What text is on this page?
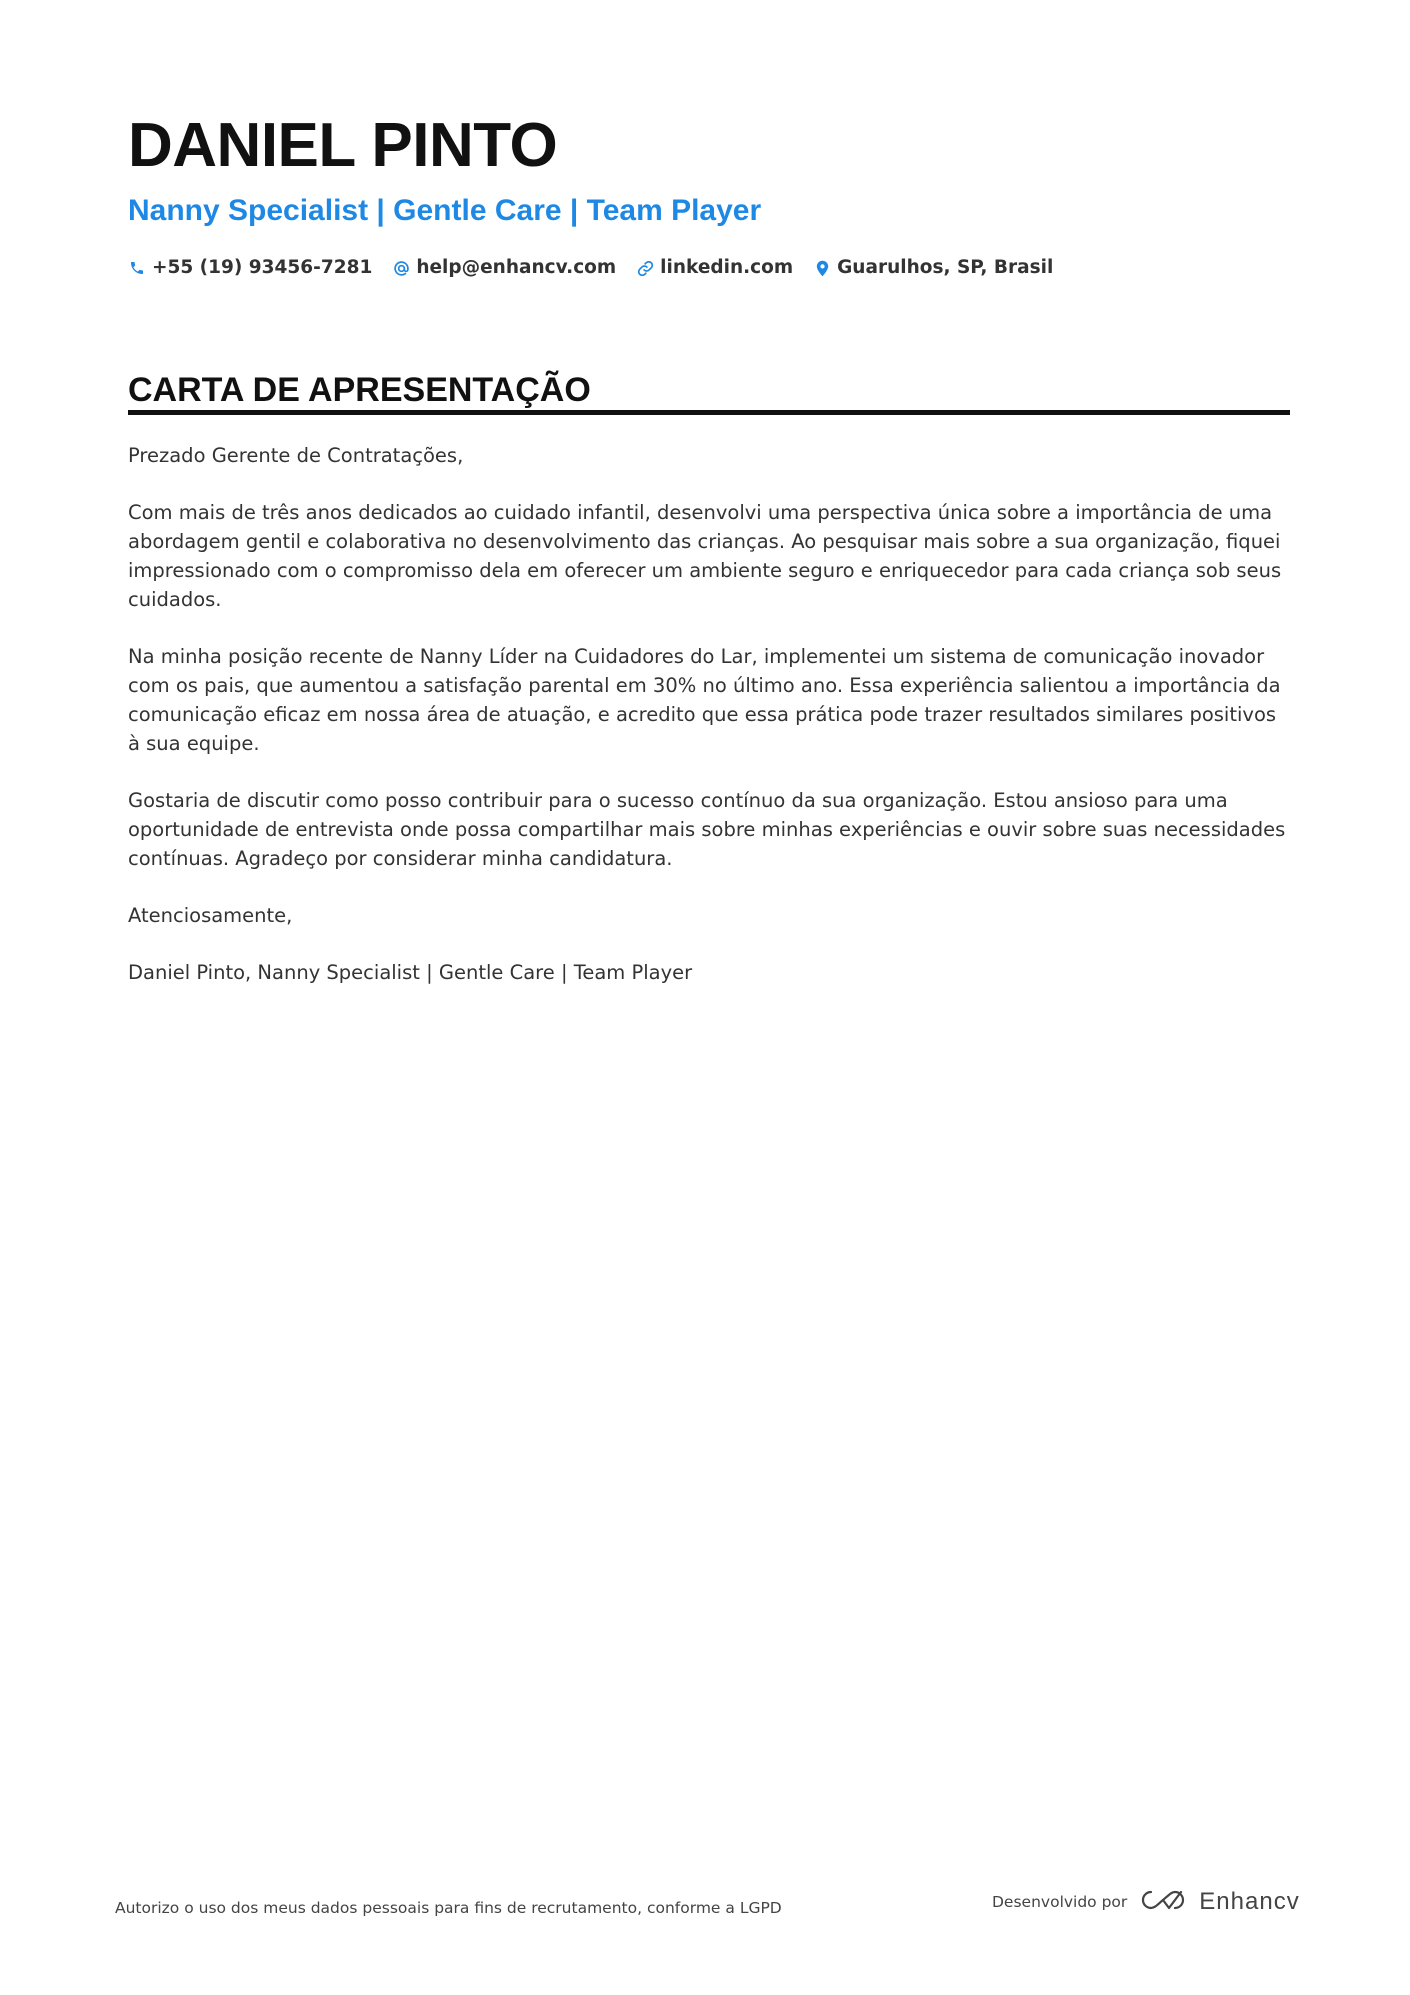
DANIEL PINTO
Nanny Specialist | Gentle Care | Team Player
+55 (19) 93456-7281 help@enhancv.com linkedin.com Guarulhos, SP, Brasil
CARTA DE APRESENTAÇÃO

Prezado Gerente de Contratações,

Com mais de três anos dedicados ao cuidado infantil, desenvolvi uma perspectiva única sobre a importância de uma abordagem gentil e colaborativa no desenvolvimento das crianças. Ao pesquisar mais sobre a sua organização, fiquei impressionado com o compromisso dela em oferecer um ambiente seguro e enriquecedor para cada criança sob seus cuidados.

Na minha posição recente de Nanny Líder na Cuidadores do Lar, implementei um sistema de comunicação inovador com os pais, que aumentou a satisfação parental em 30% no último ano. Essa experiência salientou a importância da comunicação eficaz em nossa área de atuação, e acredito que essa prática pode trazer resultados similares positivos à sua equipe.

Gostaria de discutir como posso contribuir para o sucesso contínuo da sua organização. Estou ansioso para uma oportunidade de entrevista onde possa compartilhar mais sobre minhas experiências e ouvir sobre suas necessidades contínuas. Agradeço por considerar minha candidatura.

Atenciosamente,

Daniel Pinto, Nanny Specialist | Gentle Care | Team Player

Autorizo o uso dos meus dados pessoais para fins de recrutamento, conforme a LGPD	Desenvolvido por	Enhancv
